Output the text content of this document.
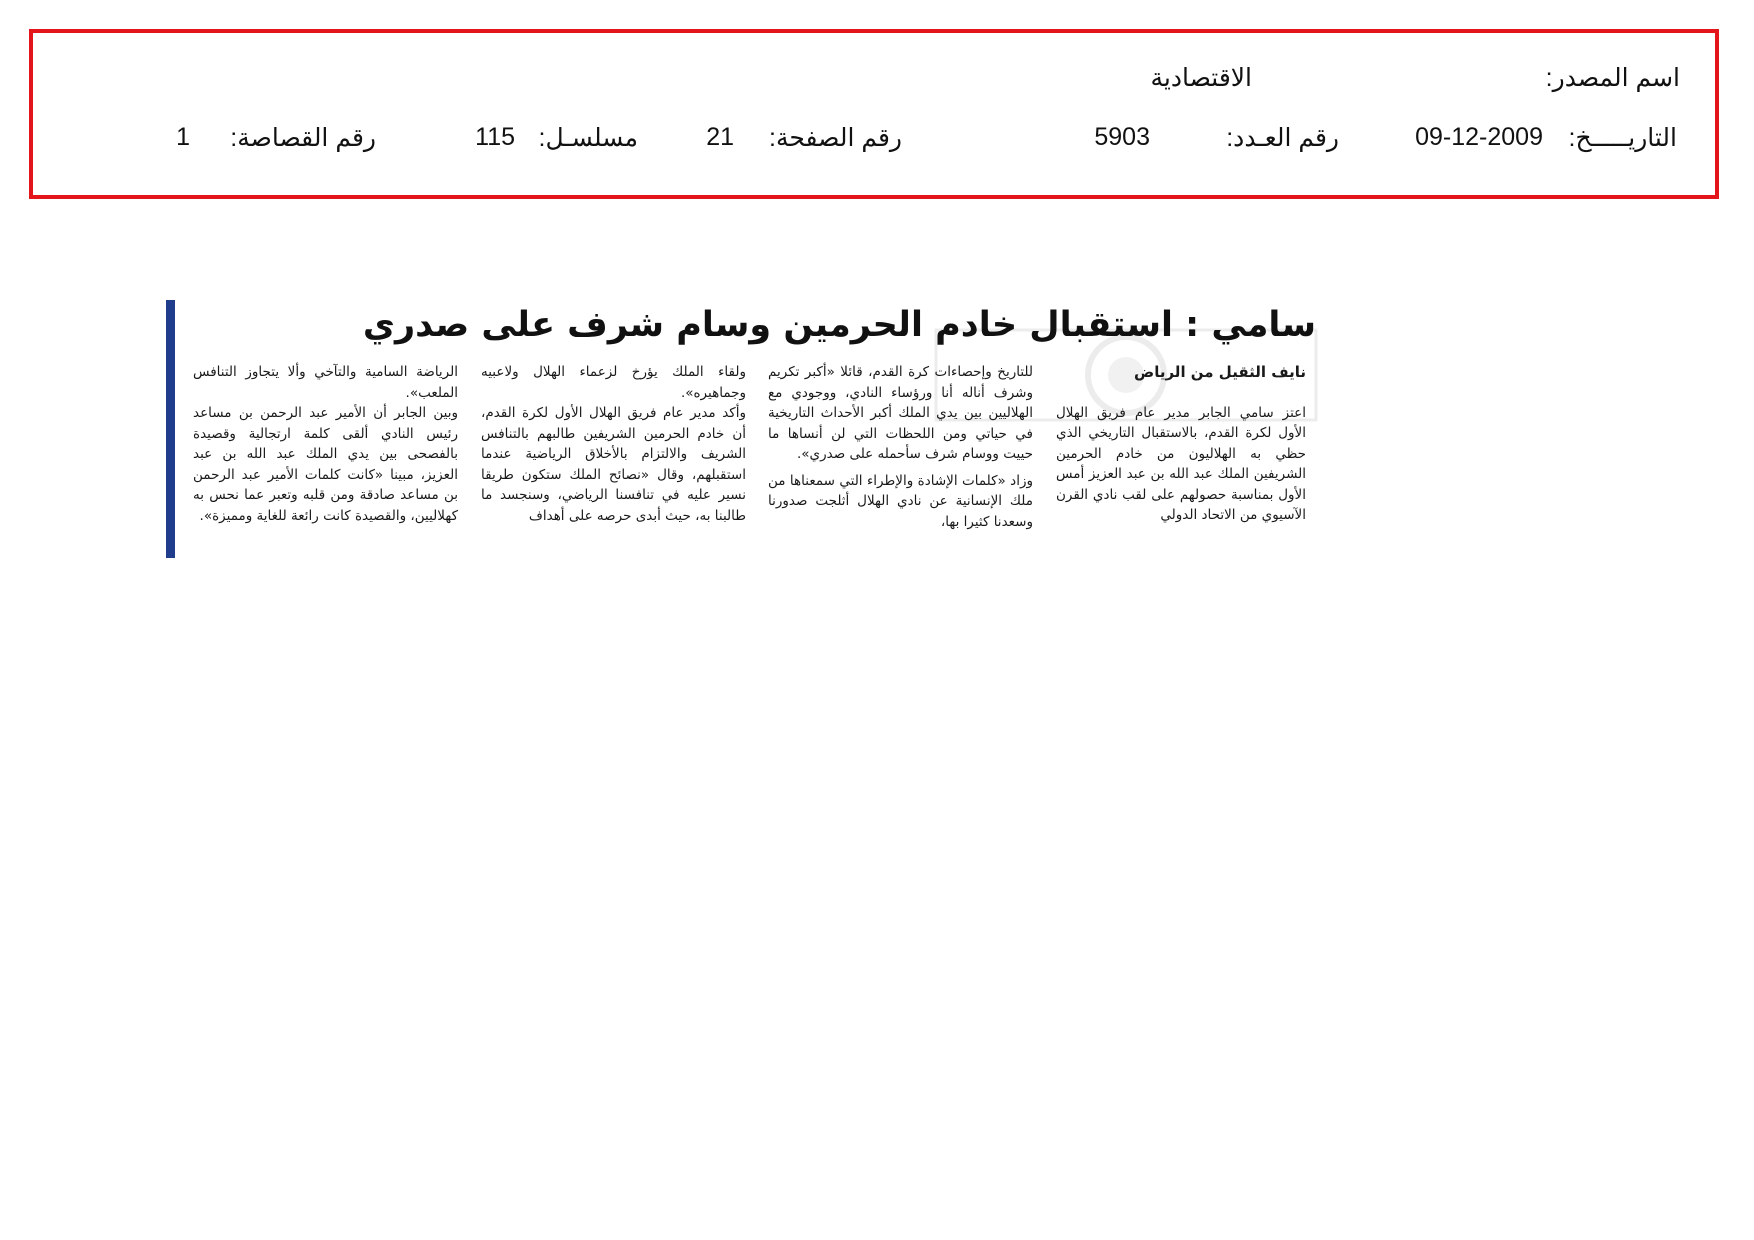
اسم المصدر:
الاقتصادية
التاريـــــخ:
09-12-2009
رقم العـدد:
5903
رقم الصفحة:
21
مسلسـل:
115
رقم القصاصة:
1
سامي : استقبال خادم الحرمين وسام شرف على صدري

نايف الثقيل من الرياض

اعتز سامي الجابر مدير عام فريق الهلال الأول لكرة القدم، بالاستقبال التاريخي الذي حظي به الهلاليون من خادم الحرمين الشريفين الملك عبد الله بن عبد العزيز أمس الأول بمناسبة حصولهم على لقب نادي القرن الآسيوي من الاتحاد الدولي

للتاريخ وإحصاءات كرة القدم، قائلا «أكبر تكريم وشرف أناله أنا ورؤساء النادي، ووجودي مع الهلاليين بين يدي الملك أكبر الأحداث التاريخية في حياتي ومن اللحظات التي لن أنساها ما حييت ووسام شرف سأحمله على صدري».

وزاد «كلمات الإشادة والإطراء التي سمعناها من ملك الإنسانية عن نادي الهلال أثلجت صدورنا وسعدنا كثيرا بها،

ولقاء الملك يؤرخ لزعماء الهلال ولاعبيه وجماهيره».

وأكد مدير عام فريق الهلال الأول لكرة القدم، أن خادم الحرمين الشريفين طالبهم بالتنافس الشريف والالتزام بالأخلاق الرياضية عندما استقبلهم، وقال «نصائح الملك ستكون طريقا نسير عليه في تنافسنا الرياضي، وسنجسد ما طالبنا به، حيث أبدى حرصه على أهداف

الرياضة السامية والتآخي وألا يتجاوز التنافس الملعب».

وبين الجابر أن الأمير عبد الرحمن بن مساعد رئيس النادي ألقى كلمة ارتجالية وقصيدة بالفصحى بين يدي الملك عبد الله بن عبد العزيز، مبينا «كانت كلمات الأمير عبد الرحمن بن مساعد صادقة ومن قلبه وتعبر عما نحس به كهلاليين، والقصيدة كانت رائعة للغاية ومميزة».
